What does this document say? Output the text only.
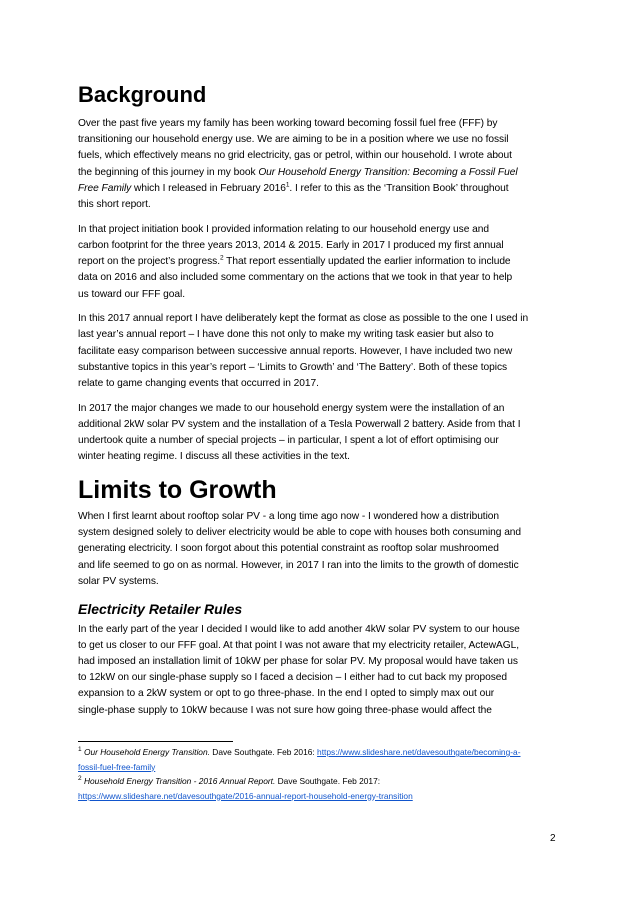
Background

Over the past five years my family has been working toward becoming fossil fuel free (FFF) by
transitioning our household energy use. We are aiming to be in a position where we use no fossil
fuels, which effectively means no grid electricity, gas or petrol, within our household. I wrote about
the beginning of this journey in my book Our Household Energy Transition: Becoming a Fossil Fuel
Free Family which I released in February 2016$^1$. I refer to this as the ‘Transition Book’ throughout
this short report.

In that project initiation book I provided information relating to our household energy use and
carbon footprint for the three years 2013, 2014 & 2015. Early in 2017 I produced my first annual
report on the project’s progress.$^2$ That report essentially updated the earlier information to include
data on 2016 and also included some commentary on the actions that we took in that year to help
us toward our FFF goal.

In this 2017 annual report I have deliberately kept the format as close as possible to the one I used in
last year’s annual report – I have done this not only to make my writing task easier but also to
facilitate easy comparison between successive annual reports. However, I have included two new
substantive topics in this year’s report – ‘Limits to Growth’ and ‘The Battery’. Both of these topics
relate to game changing events that occurred in 2017.

In 2017 the major changes we made to our household energy system were the installation of an
additional 2kW solar PV system and the installation of a Tesla Powerwall 2 battery. Aside from that I
undertook quite a number of special projects – in particular, I spent a lot of effort optimising our
winter heating regime. I discuss all these activities in the text.

Limits to Growth

When I first learnt about rooftop solar PV - a long time ago now - I wondered how a distribution
system designed solely to deliver electricity would be able to cope with houses both consuming and
generating electricity. I soon forgot about this potential constraint as rooftop solar mushroomed
and life seemed to go on as normal. However, in 2017 I ran into the limits to the growth of domestic
solar PV systems.

Electricity Retailer Rules

In the early part of the year I decided I would like to add another 4kW solar PV system to our house
to get us closer to our FFF goal. At that point I was not aware that my electricity retailer, ActewAGL,
had imposed an installation limit of 10kW per phase for solar PV. My proposal would have taken us
to 12kW on our single-phase supply so I faced a decision – I either had to cut back my proposed
expansion to a 2kW system or opt to go three-phase. In the end I opted to simply max out our
single-phase supply to 10kW because I was not sure how going three-phase would affect the

$^1$ Our Household Energy Transition. Dave Southgate. Feb 2016: https://www.slideshare.net/davesouthgate/becoming-a-
fossil-fuel-free-family
$^2$ Household Energy Transition - 2016 Annual Report. Dave Southgate. Feb 2017:
https://www.slideshare.net/davesouthgate/2016-annual-report-household-energy-transition
2
